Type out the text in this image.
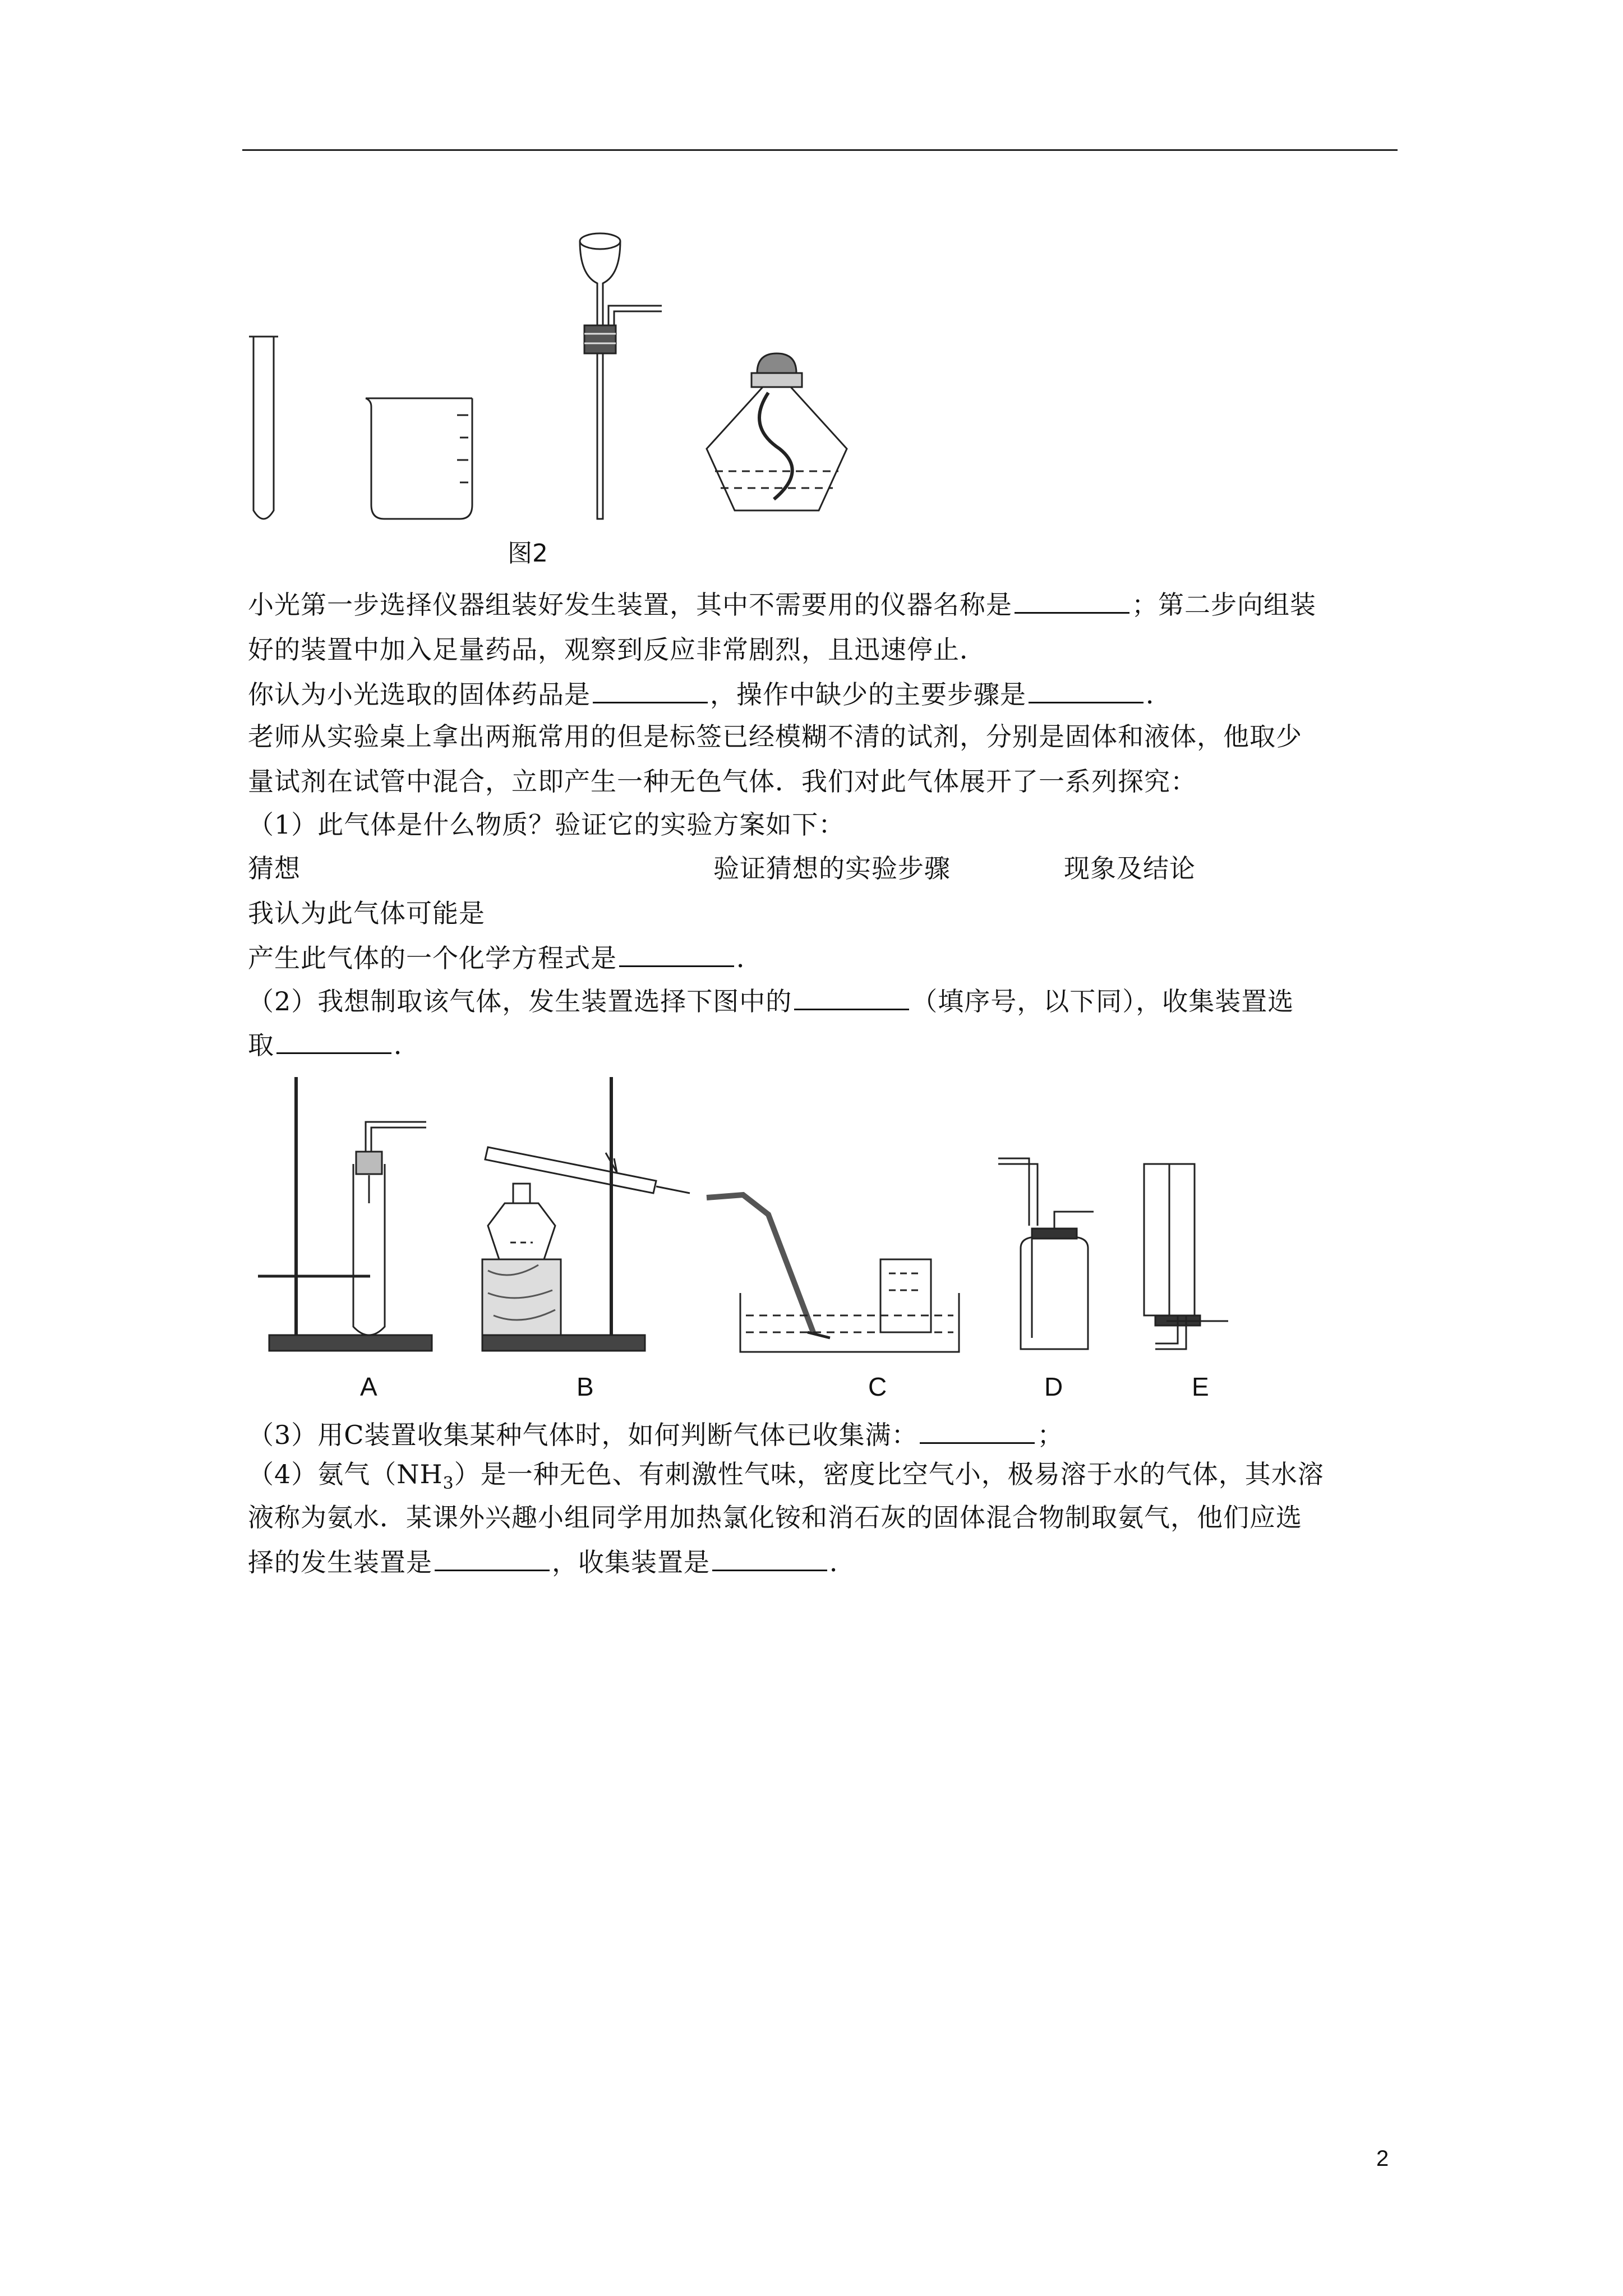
图2
小光第一步选择仪器组装好发生装置，其中不需要用的仪器名称是	；第二步向组装
好的装置中加入足量药品，观察到反应非常剧烈，且迅速停止．
你认为小光选取的固体药品是	，操作中缺少的主要步骤是	．
老师从实验桌上拿出两瓶常用的但是标签已经模糊不清的试剂，分别是固体和液体，他取少
量试剂在试管中混合，立即产生一种无色气体．我们对此气体展开了一系列探究：
（1）此气体是什么物质？验证它的实验方案如下：
猜想	验证猜想的实验步骤	现象及结论
我认为此气体可能是
产生此气体的一个化学方程式是	．
（2）我想制取该气体，发生装置选择下图中的	（填序号，以下同），收集装置选
取	．
A	B	C	D	E
（3）用C装置收集某种气体时，如何判断气体已收集满：	；
（4）氨气$(NH_3)$是一种无色、有刺激性气味，密度比空气小，极易溶于水的气体，其水溶
液称为氨水．某课外兴趣小组同学用加热氯化铵和消石灰的固体混合物制取氨气，他们应选
择的发生装置是	，收集装置是	．
2
